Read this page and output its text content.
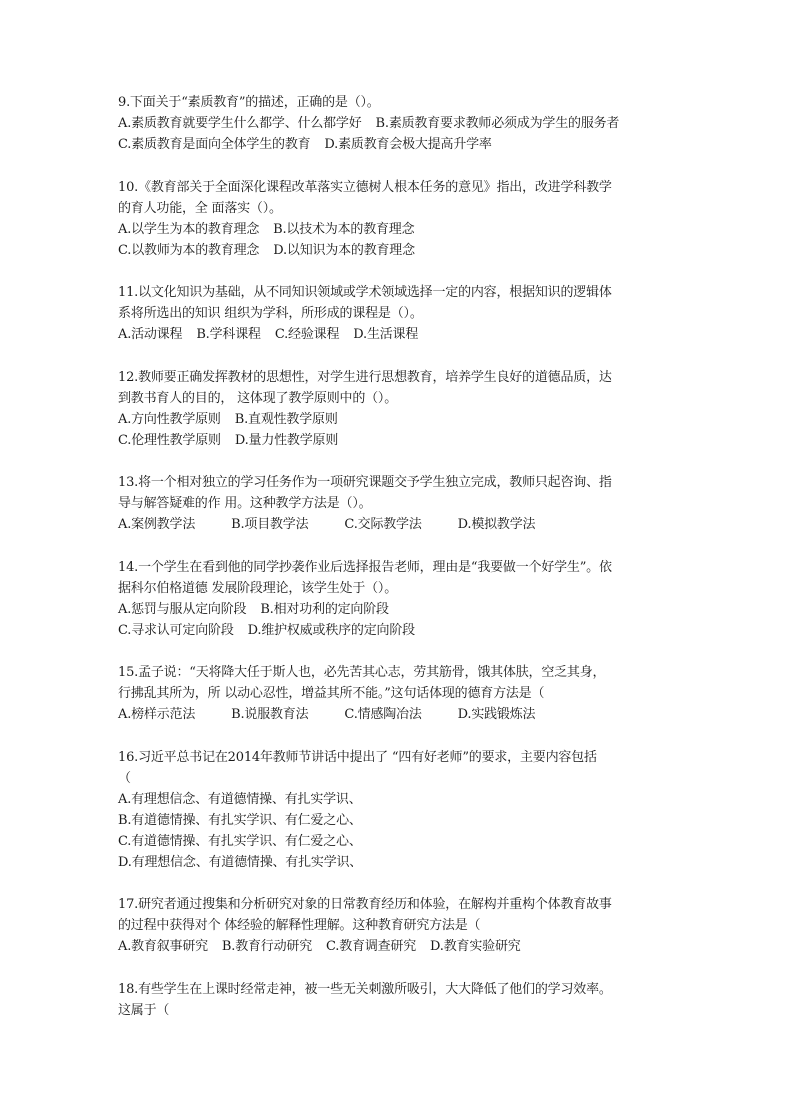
9.下面关于“素质教育”的描述，正确的是（）。
A.素质教育就要学生什么都学、什么都学好 B.素质教育要求教师必须成为学生的服务者
C.素质教育是面向全体学生的教育 D.素质教育会极大提高升学率
10.《教育部关于全面深化课程改革落实立德树人根本任务的意见》指出，改进学科教学
的育人功能，全 面落实（）。
A.以学生为本的教育理念 B.以技术为本的教育理念
C.以教师为本的教育理念 D.以知识为本的教育理念
11.以文化知识为基础，从不同知识领域或学术领域选择一定的内容，根据知识的逻辑体
系将所选出的知识 组织为学科，所形成的课程是（）。
A.活动课程 B.学科课程 C.经验课程 D.生活课程
12.教师要正确发挥教材的思想性，对学生进行思想教育，培养学生良好的道德品质，达
到教书育人的目的， 这体现了教学原则中的（）。
A.方向性教学原则 B.直观性教学原则
C.伦理性教学原则 D.量力性教学原则
13.将一个相对独立的学习任务作为一项研究课题交予学生独立完成，教师只起咨询、指
导与解答疑难的作 用。这种教学方法是（）。
A.案例教学法	B.项目教学法	C.交际教学法	D.模拟教学法
14.一个学生在看到他的同学抄袭作业后选择报告老师，理由是“我要做一个好学生”。依
据科尔伯格道德 发展阶段理论，该学生处于（）。
A.惩罚与服从定向阶段 B.相对功利的定向阶段
C.寻求认可定向阶段 D.维护权威或秩序的定向阶段
15.孟子说：“天将降大任于斯人也，必先苦其心志，劳其筋骨，饿其体肤，空乏其身，
行拂乱其所为，所 以动心忍性，增益其所不能。”这句话体现的德育方法是（
A.榜样示范法	B.说服教育法	C.情感陶冶法	D.实践锻炼法
16.习近平总书记在2014年教师节讲话中提出了 “四有好老师”的要求，主要内容包括
（
A.有理想信念、有道德情操、有扎实学识、
B.有道德情操、有扎实学识、有仁爱之心、
C.有道德情操、有扎实学识、有仁爱之心、
D.有理想信念、有道德情操、有扎实学识、
17.研究者通过搜集和分析研究对象的日常教育经历和体验，在解构并重构个体教育故事
的过程中获得对个 体经验的解释性理解。这种教育研究方法是（
A.教育叙事研究 B.教育行动研究 C.教育调查研究 D.教育实验研究
18.有些学生在上课时经常走神，被一些无关刺激所吸引，大大降低了他们的学习效率。
这属于（
